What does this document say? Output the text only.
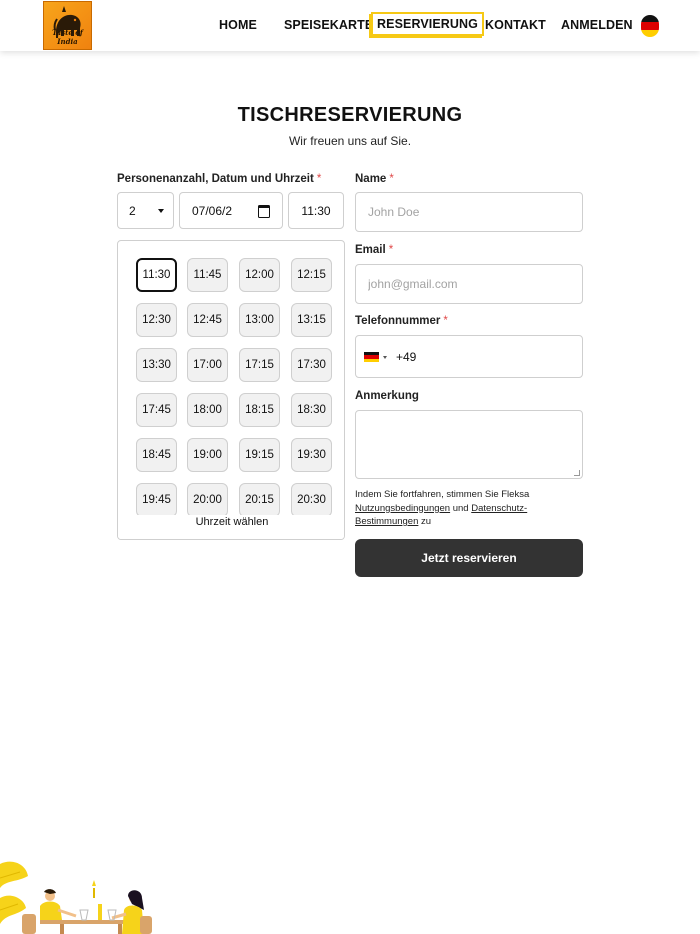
Taste of India
HOME SPEISEKARTE RESERVIERUNG KONTAKT ANMELDEN
TISCHRESERVIERUNG
Wir freuen uns auf Sie.
Personenanzahl, Datum und Uhrzeit *
2	07/06/2	11:30
11:30	11:45	12:00	12:15
12:30	12:45	13:00	13:15
13:30	17:00	17:15	17:30
17:45	18:00	18:15	18:30
18:45	19:00	19:15	19:30
19:45	20:00	20:15	20:30
Uhrzeit wählen
Name *
John Doe
Email *
john@gmail.com
Telefonnummer *
+49
Anmerkung
Indem Sie fortfahren, stimmen Sie Fleksa Nutzungsbedingungen und Datenschutz-Bestimmungen zu
Jetzt reservieren
